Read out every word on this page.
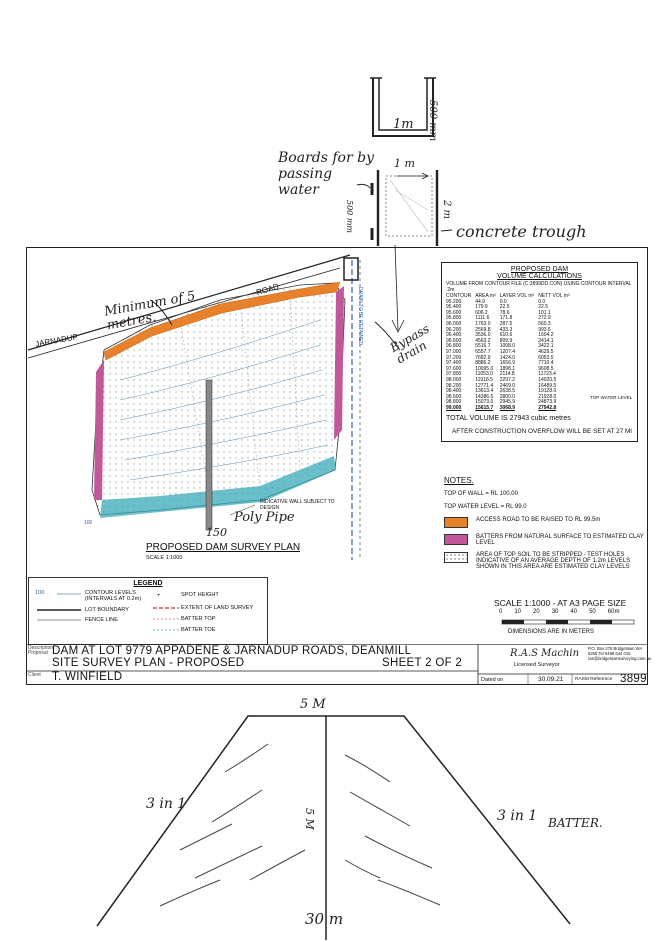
1m 500 mm
Boards for by passing water
1 m
2 m
500 mm	concrete trough
ROAD
JARNADUP
Minimum of 5 metres.	Bypass drain
DRAIN TO BE RETAINED
INDICATIVE WALL SUBJECT TO DESIGN
Poly Pipe
150
100
PROPOSED DAM SURVEY PLAN
SCALE 1:1000
PROPOSED DAM
VOLUME CALCULATIONS
VOLUME FROM CONTOUR FILE (C:3899DD.CON) USING CONTOUR INTERVAL .2m
CONTOUR	AREA m²	LAYER VOL m³	NETT VOL m³
95.200	44.9	0.0	0.0
95.400	179.9	22.5	22.5
95.600	606.2	78.6	101.1
95.800	1111.6	171.8	272.9
96.000	1763.0	287.5	560.3
96.200	2569.8	433.3	993.6
96.400	3536.0	610.6	1604.2
96.600	4563.2	809.9	2414.1
96.800	5516.7	1008.0	3422.1
97.000	6557.7	1207.4	4629.5
97.200	7682.9	1424.0	6053.5
97.400	8886.2	1656.9	7710.4
97.600	10095.0	1898.1	9608.5
97.800	11053.0	2114.8	11723.4
98.000	11918.5	2297.2	14020.5
98.200	12771.4	2469.0	16489.5
98.400	13613.4	2638.5	19128.0
98.600	14386.5	2800.0	21928.0
98.800	15073.0	2945.9	24873.9
99.000	15615.7	3068.9	27942.8
TOP WATER LEVEL
TOTAL VOLUME IS 27943 cubic metres
AFTER CONSTRUCTION OVERFLOW WILL BE SET AT 27 Ml
NOTES.
TOP OF WALL = RL 100.00
TOP WATER LEVEL = RL 99.0
ACCESS ROAD TO BE RAISED TO RL 99.5m
BATTERS FROM NATURAL SURFACE TO ESTIMATED CLAY LEVEL
AREA OF TOP SOIL TO BE STRIPPED - TEST HOLES INDICATIVE OF AN AVERAGE DEPTH OF 1.2m LEVELS SHOWN IN THIS AREA ARE ESTIMATED CLAY LEVELS
LEGEND
+
100	CONTOUR LEVELS (INTERVALS AT 0.2m)
LOT BOUNDARY
FENCE LINE
SPOT HEIGHT
EXTENT OF LAND SURVEY
BATTER TOP
BATTER TOE
SCALE 1:1000 - AT A3 PAGE SIZE
0 10 20 30 40 50 60m
DIMENSIONS ARE IN METERS
Description/ Proposal DAM AT LOT 9779 APPADENE & JARNADUP ROADS, DEANMILL
SITE SURVEY PLAN - PROPOSED	SHEET 2 OF 2
Client T. WINFIELD
R.A.S Machin
Licensed Surveyor
P.O. Box 276 Bridgetown WA 6255 Tel 0498 644 015 ras@bridgetownsurveying.com.au
Dated on	30.09.21 RASM Reference 3899
5 M
5 M
3 in 1
3 in 1 BATTER.
30 m
